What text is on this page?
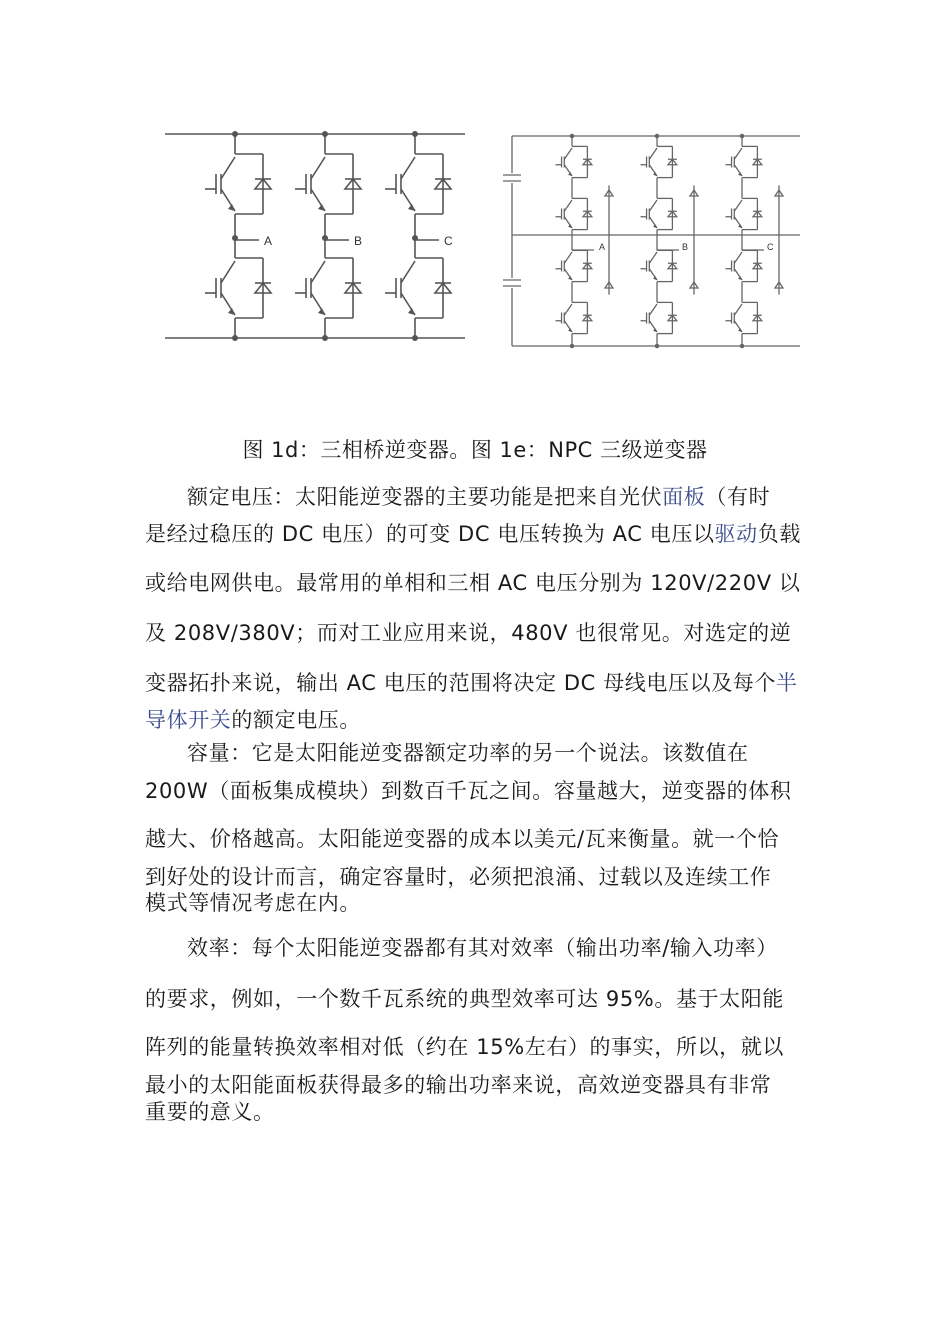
A	B	C	A	B	C
图 1d：三相桥逆变器。图 1e：NPC 三级逆变器
额定电压：太阳能逆变器的主要功能是把来自光伏面板（有时
是经过稳压的 DC 电压）的可变 DC 电压转换为 AC 电压以驱动负载
或给电网供电。最常用的单相和三相 AC 电压分别为 120V/220V 以
及 208V/380V；而对工业应用来说，480V 也很常见。对选定的逆
变器拓扑来说，输出 AC 电压的范围将决定 DC 母线电压以及每个半
导体开关的额定电压。
容量：它是太阳能逆变器额定功率的另一个说法。该数值在
200W（面板集成模块）到数百千瓦之间。容量越大，逆变器的体积
越大、价格越高。太阳能逆变器的成本以美元/瓦来衡量。就一个恰
到好处的设计而言，确定容量时，必须把浪涌、过载以及连续工作
模式等情况考虑在内。
效率：每个太阳能逆变器都有其对效率（输出功率/输入功率）
的要求，例如，一个数千瓦系统的典型效率可达 95%。基于太阳能
阵列的能量转换效率相对低（约在 15%左右）的事实，所以，就以
最小的太阳能面板获得最多的输出功率来说，高效逆变器具有非常
重要的意义。
